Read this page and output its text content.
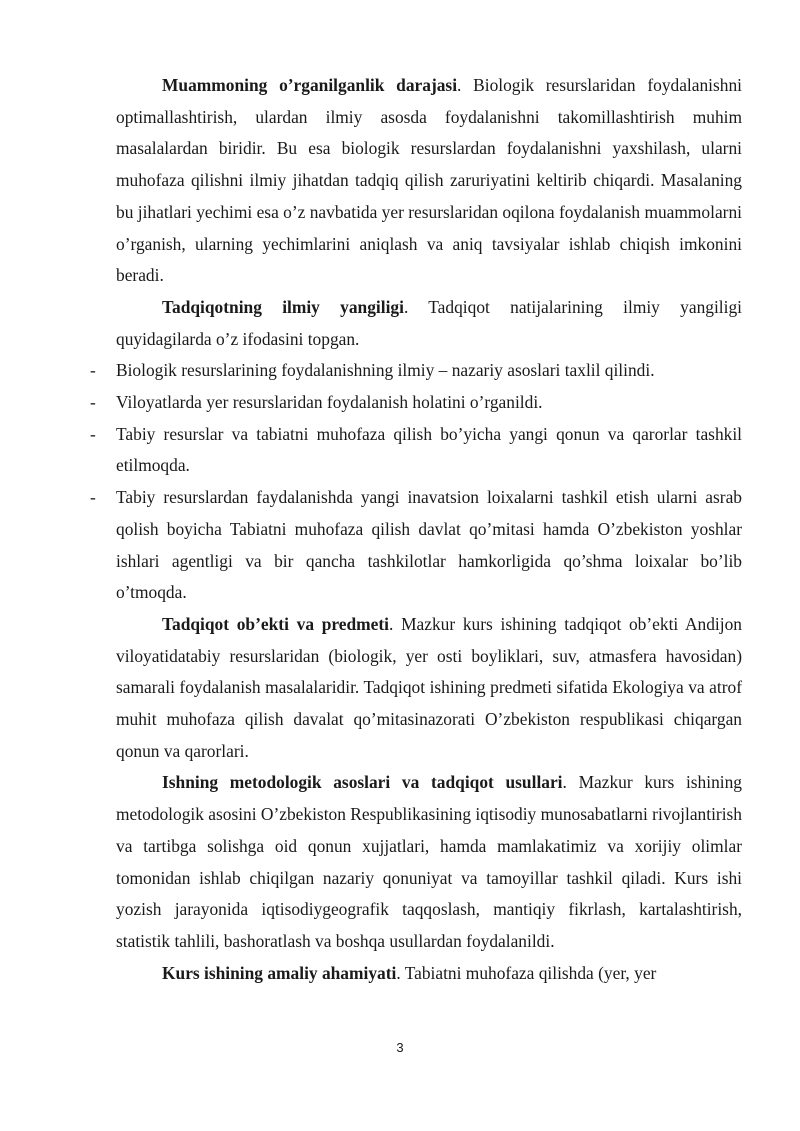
Muammoning o’rganilganlik darajasi. Biologik resurslaridan foydalanishni optimallashtirish, ulardan ilmiy asosda foydalanishni takomillashtirish muhim masalalardan biridir. Bu esa biologik resurslardan foydalanishni yaxshilash, ularni muhofaza qilishni ilmiy jihatdan tadqiq qilish zaruriyatini keltirib chiqardi. Masalaning bu jihatlari yechimi esa o’z navbatida yer resurslaridan oqilona foydalanish muammolarni o’rganish, ularning yechimlarini aniqlash va aniq tavsiyalar ishlab chiqish imkonini beradi.

Tadqiqotning ilmiy yangiligi. Tadqiqot natijalarining ilmiy yangiligi quyidagilarda o’z ifodasini topgan.

- Biologik resurslarining foydalanishning ilmiy – nazariy asoslari taxlil qilindi.
- Viloyatlarda yer resurslaridan foydalanish holatini o’rganildi.
- Tabiy resurslar va tabiatni muhofaza qilish bo’yicha yangi qonun va qarorlar tashkil etilmoqda.
- Tabiy resurslardan faydalanishda yangi inavatsion loixalarni tashkil etish ularni asrab qolish boyicha Tabiatni muhofaza qilish davlat qo’mitasi hamda O’zbekiston yoshlar ishlari agentligi va bir qancha tashkilotlar hamkorligida qo’shma loixalar bo’lib o’tmoqda.

Tadqiqot ob’ekti va predmeti. Mazkur kurs ishining tadqiqot ob’ekti Andijon viloyatidatabiy resurslaridan (biologik, yer osti boyliklari, suv, atmasfera havosidan) samarali foydalanish masalalaridir. Tadqiqot ishining predmeti sifatida Ekologiya va atrof muhit muhofaza qilish davalat qo’mitasinazorati O’zbekiston respublikasi chiqargan qonun va qarorlari.

Ishning metodologik asoslari va tadqiqot usullari. Mazkur kurs ishining metodologik asosini O’zbekiston Respublikasining iqtisodiy munosabatlarni rivojlantirish va tartibga solishga oid qonun xujjatlari, hamda mamlakatimiz va xorijiy olimlar tomonidan ishlab chiqilgan nazariy qonuniyat va tamoyillar tashkil qiladi. Kurs ishi yozish jarayonida iqtisodiygeografik taqqoslash, mantiqiy fikrlash, kartalashtirish, statistik tahlili, bashoratlash va boshqa usullardan foydalanildi.

Kurs ishining amaliy ahamiyati. Tabiatni muhofaza qilishda (yer, yer

3
